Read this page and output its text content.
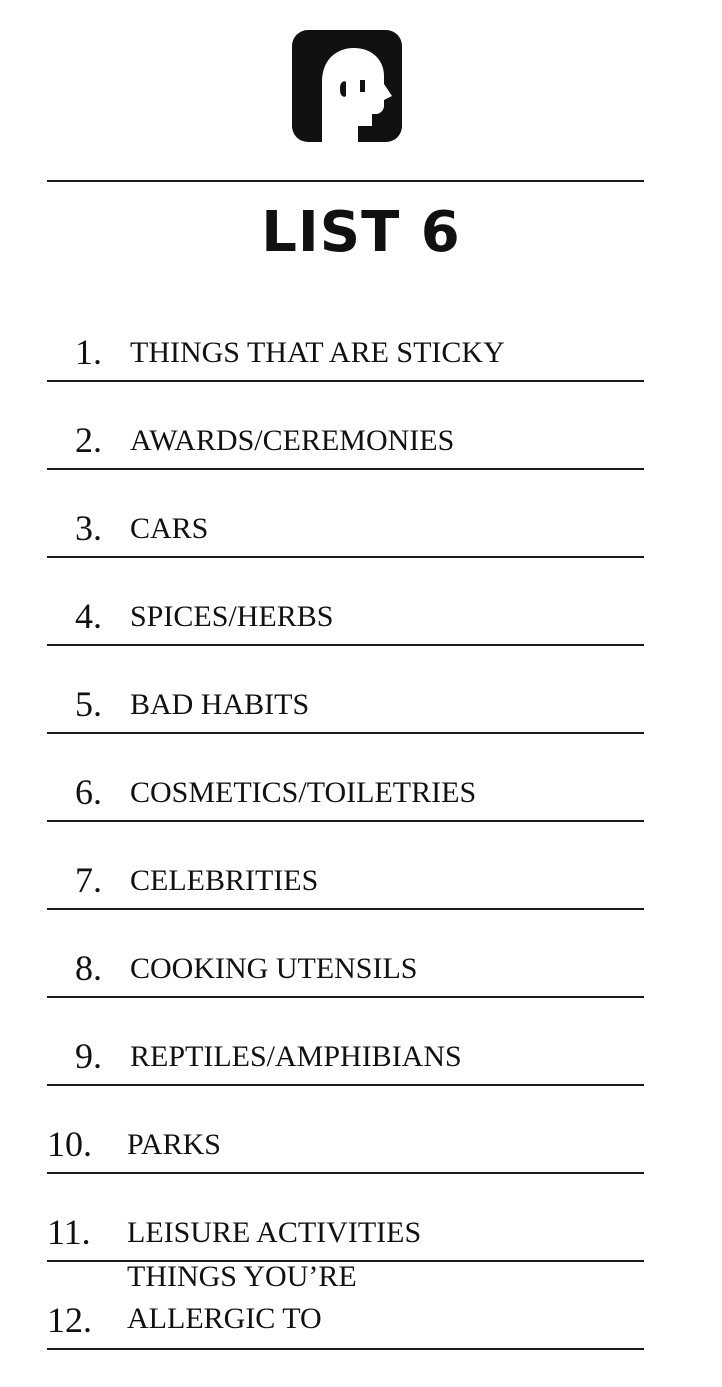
LIST 6
1. THINGS THAT ARE STICKY
2. AWARDS/CEREMONIES
3. CARS
4. SPICES/HERBS
5. BAD HABITS
6. COSMETICS/TOILETRIES
7. CELEBRITIES
8. COOKING UTENSILS
9. REPTILES/AMPHIBIANS
10. PARKS
11. LEISURE ACTIVITIES
12.
THINGS YOU’RE
ALLERGIC TO
